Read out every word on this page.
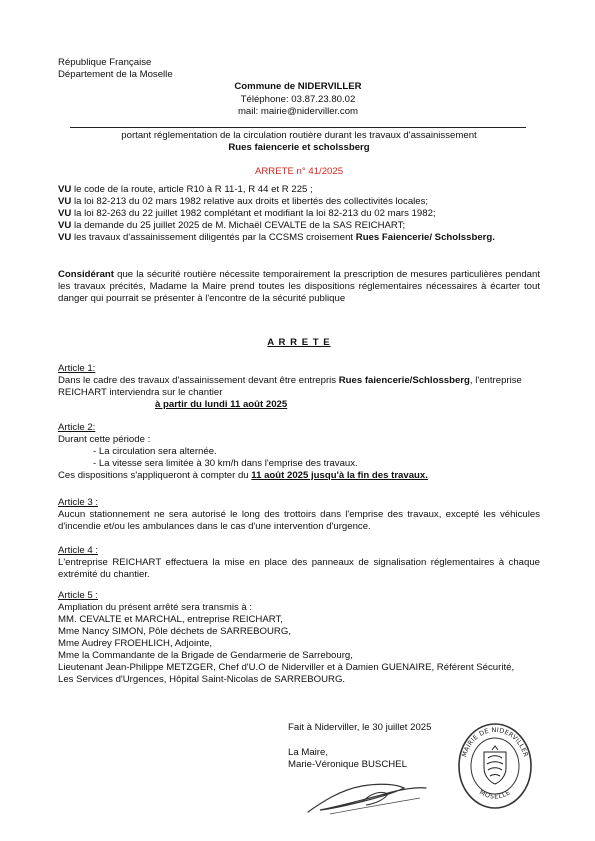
République Française
Département de la Moselle
Commune de NIDERVILLER
Téléphone: 03.87.23.80.02
mail: mairie@niderviller.com
portant réglementation de la circulation routière durant les travaux d'assainissement
Rues faiencerie et scholssberg
ARRETE n° 41/2025
VU le code de la route, article R10 à R 11-1, R 44 et R 225 ;
VU la loi 82-213 du 02 mars 1982 relative aux droits et libertés des collectivités locales;
VU la loi 82-263 du 22 juillet 1982 complétant et modifiant la loi 82-213 du 02 mars 1982;
VU la demande du 25 juillet 2025 de M. Michaël CEVALTE de la SAS REICHART;
VU les travaux d'assainissement diligentés par la CCSMS croisement Rues Faiencerie/ Scholssberg.
Considérant que la sécurité routière nécessite temporairement la prescription de mesures particulières pendant les travaux précités, Madame la Maire prend toutes les dispositions réglementaires nécessaires à écarter tout danger qui pourrait se présenter à l'encontre de la sécurité publique
A R R E T E
Article 1:
Dans le cadre des travaux d'assainissement devant être entrepris Rues faiencerie/Schlossberg, l'entreprise REICHART interviendra sur le chantier
à partir du lundi 11 août 2025
Article 2:
Durant cette période :
- La circulation sera alternée.
- La vitesse sera limitée à 30 km/h dans l'emprise des travaux.
Ces dispositions s'appliqueront à compter du 11 août 2025 jusqu'à la fin des travaux.
Article 3 :
Aucun stationnement ne sera autorisé le long des trottoirs dans l'emprise des travaux, excepté les véhicules d'incendie et/ou les ambulances dans le cas d'une intervention d'urgence.
Article 4 :
L'entreprise REICHART effectuera la mise en place des panneaux de signalisation réglementaires à chaque extrémité du chantier.
Article 5 :
Ampliation du présent arrêté sera transmis à :
MM. CEVALTE et MARCHAL, entreprise REICHART,
Mme Nancy SIMON, Pôle déchets de SARREBOURG,
Mme Audrey FROEHLICH, Adjointe,
Mme la Commandante de la Brigade de Gendarmerie de Sarrebourg,
Lieutenant Jean-Philippe METZGER, Chef d'U.O de Niderviller et à Damien GUENAIRE, Référent Sécurité,
Les Services d'Urgences, Hôpital Saint-Nicolas de SARREBOURG.
Fait à Niderviller, le 30 juillet 2025
La Maire,
Marie-Véronique BUSCHEL
MAIRIE DE NIDERVILLER
MOSELLE
